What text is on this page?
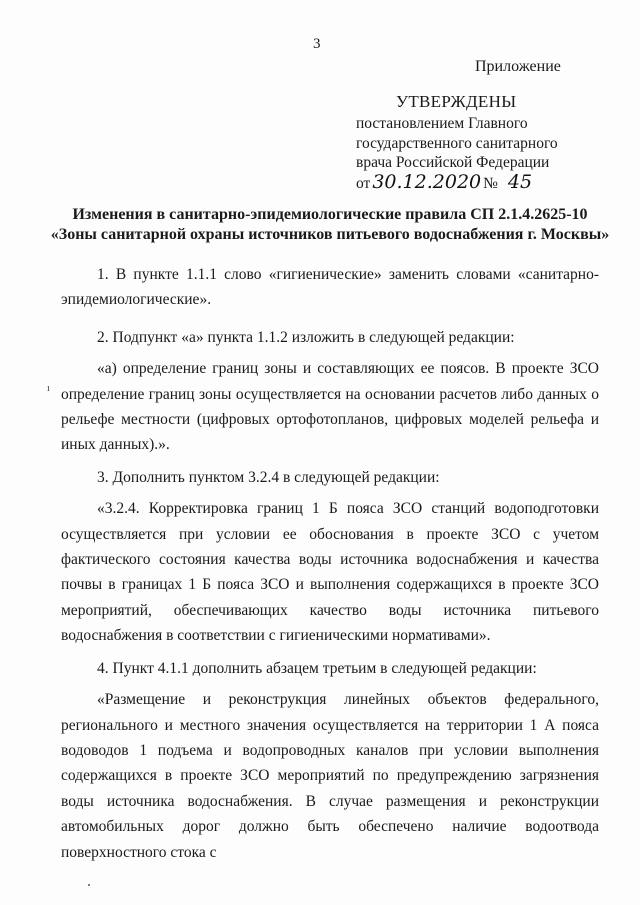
3
Приложение
УТВЕРЖДЕНЫ
постановлением Главного
государственного санитарного
врача Российской Федерации
от 30.12.2020 № 45
Изменения в санитарно-эпидемиологические правила СП 2.1.4.2625-10
«Зоны санитарной охраны источников питьевого водоснабжения г. Москвы»
ı

1. В пункте 1.1.1 слово «гигиенические» заменить словами «санитарно-эпидемиологические».

2. Подпункт «а» пункта 1.1.2 изложить в следующей редакции:

«а) определение границ зоны и составляющих ее поясов. В проекте ЗСО определение границ зоны осуществляется на основании расчетов либо данных о рельефе местности (цифровых ортофотопланов, цифровых моделей рельефа и иных данных).».

3. Дополнить пунктом 3.2.4 в следующей редакции:

«3.2.4. Корректировка границ 1 Б пояса ЗСО станций водоподготовки осуществляется при условии ее обоснования в проекте ЗСО с учетом фактического состояния качества воды источника водоснабжения и качества почвы в границах 1 Б пояса ЗСО и выполнения содержащихся в проекте ЗСО мероприятий, обеспечивающих качество воды источника питьевого водоснабжения в соответствии с гигиеническими нормативами».

4. Пункт 4.1.1 дополнить абзацем третьим в следующей редакции:

«Размещение и реконструкция линейных объектов федерального, регионального и местного значения осуществляется на территории 1 А пояса водоводов 1 подъема и водопроводных каналов при условии выполнения содержащихся в проекте ЗСО мероприятий по предупреждению загрязнения воды источника водоснабжения. В случае размещения и реконструкции автомобильных дорог должно быть обеспечено наличие водоотвода поверхностного стока с
